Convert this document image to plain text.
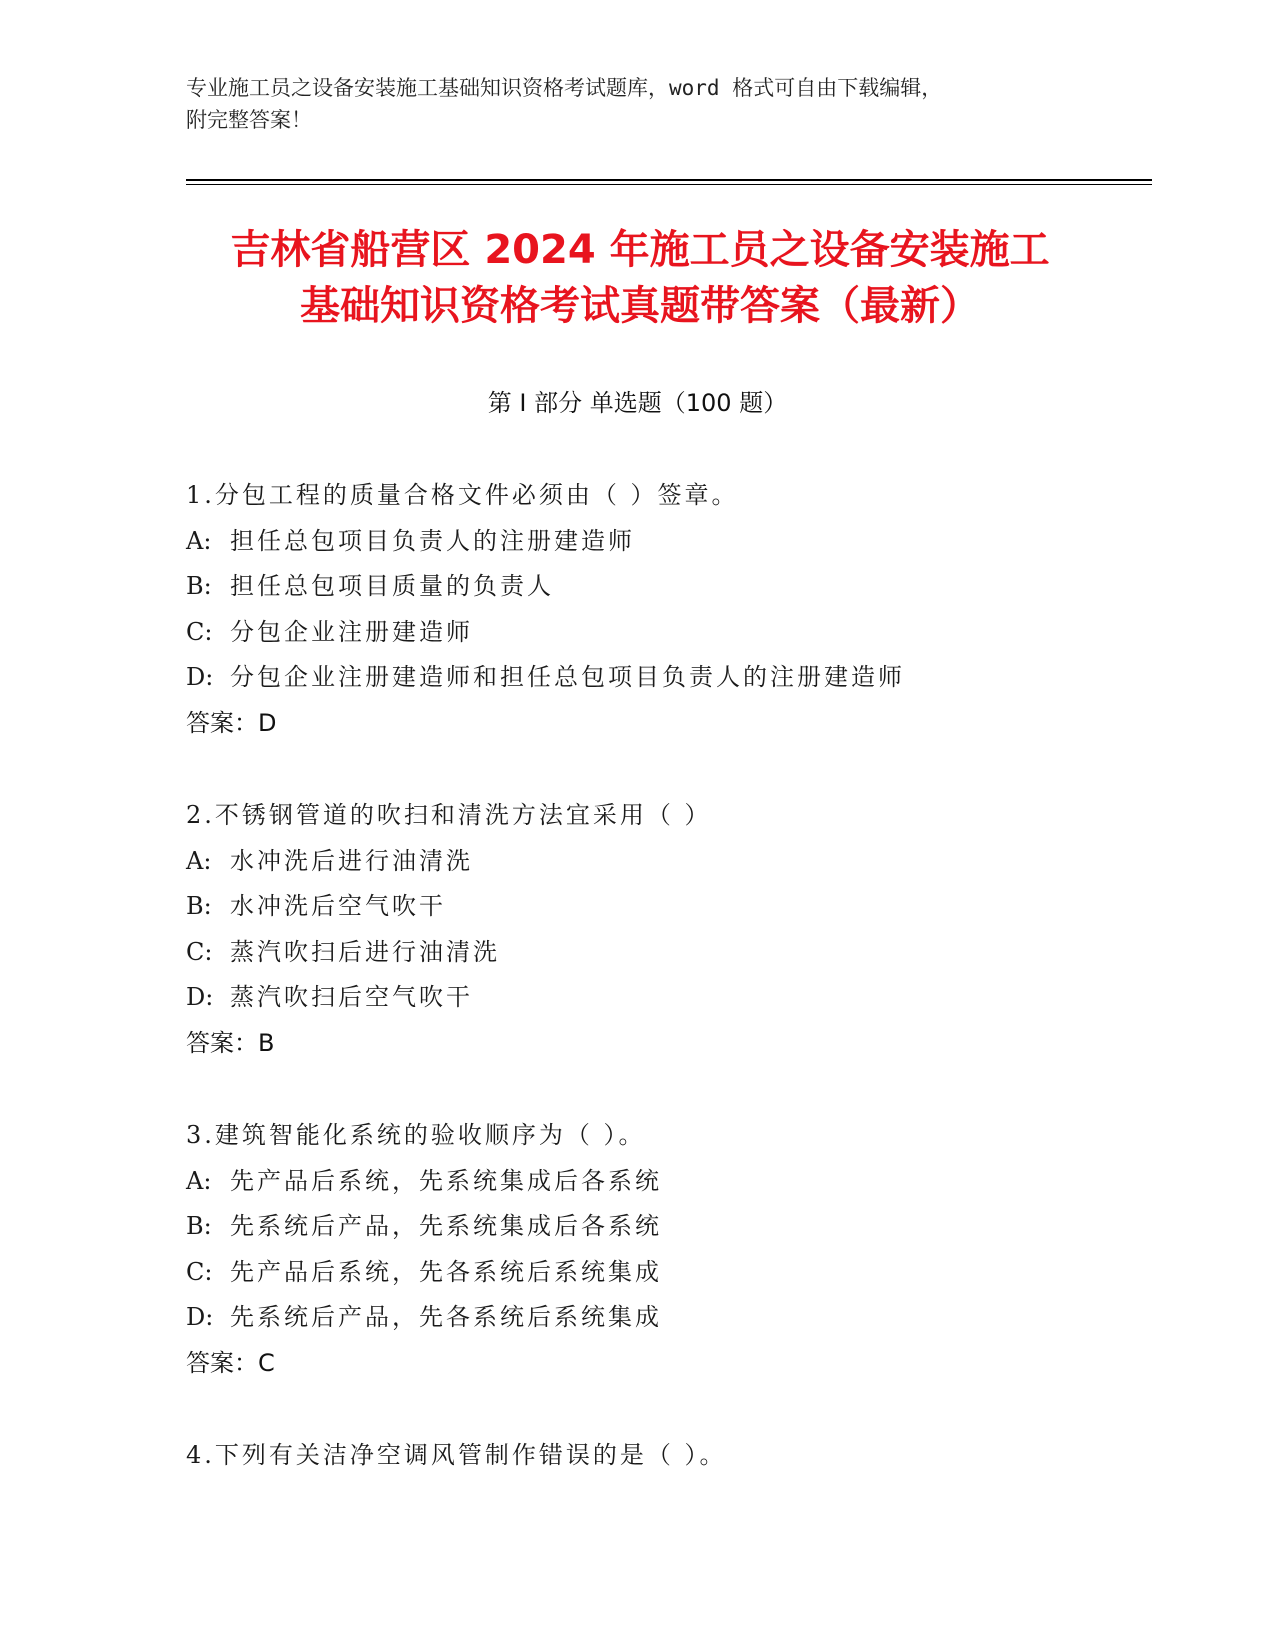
专业施工员之设备安装施工基础知识资格考试题库，word 格式可自由下载编辑，
附完整答案！
吉林省船营区 2024 年施工员之设备安装施工
基础知识资格考试真题带答案（最新）
第 I 部分 单选题（100 题）
1.分包工程的质量合格文件必须由（ ）签章。
A: 担任总包项目负责人的注册建造师
B: 担任总包项目质量的负责人
C: 分包企业注册建造师
D: 分包企业注册建造师和担任总包项目负责人的注册建造师
答案：D
2.不锈钢管道的吹扫和清洗方法宜采用（ ）
A: 水冲洗后进行油清洗
B: 水冲洗后空气吹干
C: 蒸汽吹扫后进行油清洗
D: 蒸汽吹扫后空气吹干
答案：B
3.建筑智能化系统的验收顺序为（ ）。
A: 先产品后系统，先系统集成后各系统
B: 先系统后产品，先系统集成后各系统
C: 先产品后系统，先各系统后系统集成
D: 先系统后产品，先各系统后系统集成
答案：C
4.下列有关洁净空调风管制作错误的是（ ）。
